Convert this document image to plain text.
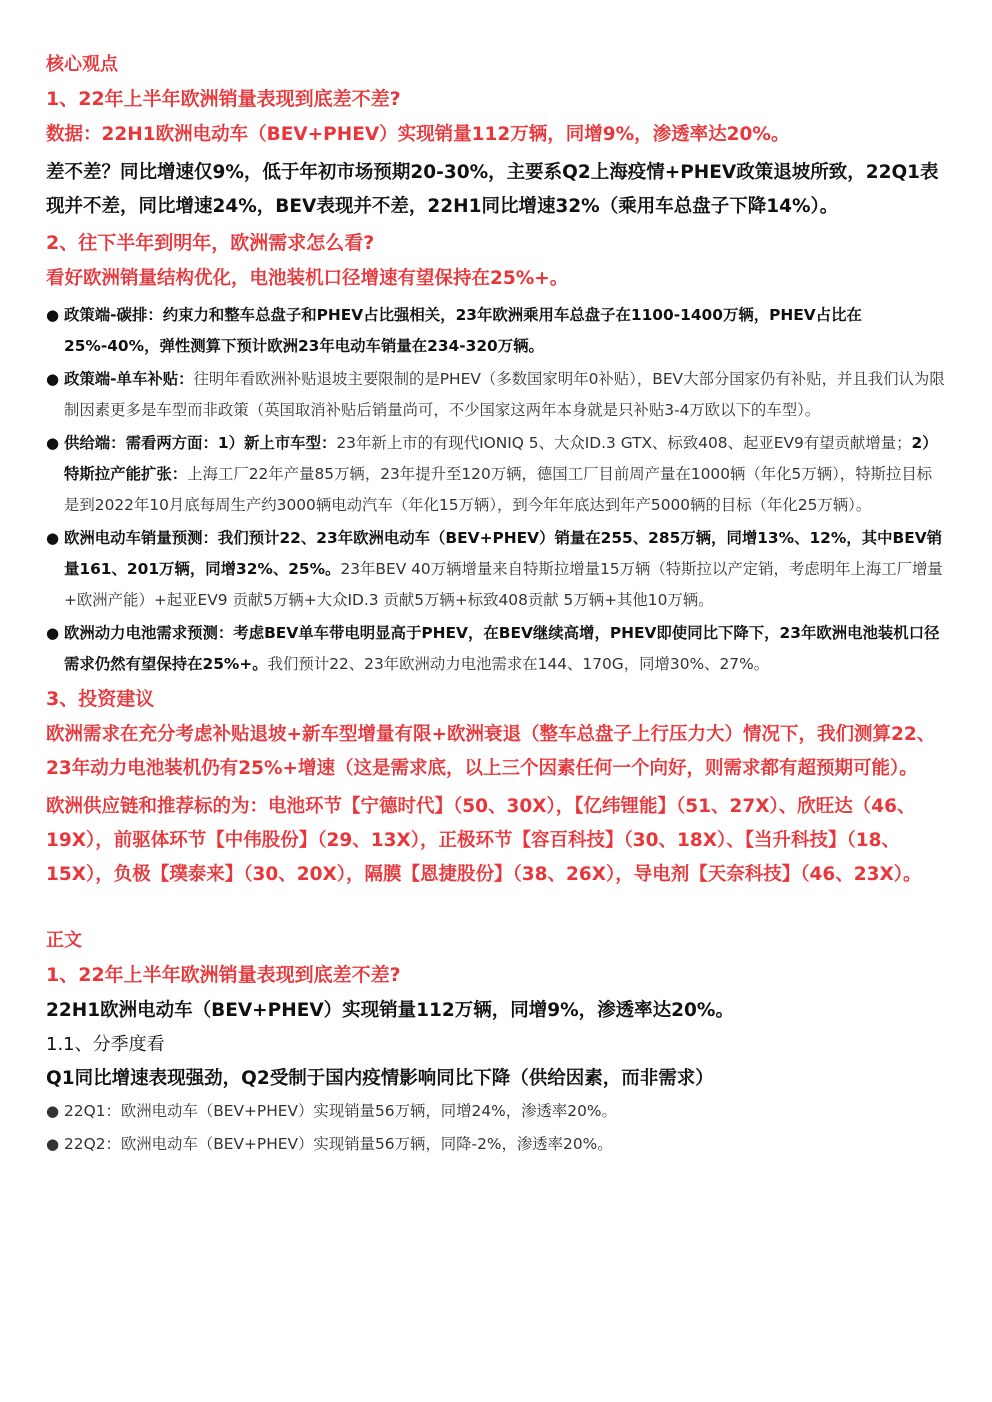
核心观点
1、22年上半年欧洲销量表现到底差不差?
数据：22H1欧洲电动车（BEV+PHEV）实现销量112万辆，同增9%，渗透率达20%。
差不差？同比增速仅9%，低于年初市场预期20-30%，主要系Q2上海疫情+PHEV政策退坡所致，22Q1表现并不差，同比增速24%，BEV表现并不差，22H1同比增速32%（乘用车总盘子下降14%）。
2、往下半年到明年，欧洲需求怎么看?
看好欧洲销量结构优化，电池装机口径增速有望保持在25%+。
● 政策端-碳排：约束力和整车总盘子和PHEV占比强相关，23年欧洲乘用车总盘子在1100-1400万辆，PHEV占比在25%-40%，弹性测算下预计欧洲23年电动车销量在234-320万辆。
● 政策端-单车补贴：往明年看欧洲补贴退坡主要限制的是PHEV（多数国家明年0补贴），BEV大部分国家仍有补贴，并且我们认为限制因素更多是车型而非政策（英国取消补贴后销量尚可，不少国家这两年本身就是只补贴3-4万欧以下的车型）。
● 供给端：需看两方面：1）新上市车型：23年新上市的有现代IONIQ 5、大众ID.3 GTX、标致408、起亚EV9有望贡献增量；2）特斯拉产能扩张：上海工厂22年产量85万辆，23年提升至120万辆，德国工厂目前周产量在1000辆（年化5万辆），特斯拉目标是到2022年10月底每周生产约3000辆电动汽车（年化15万辆），到今年年底达到年产5000辆的目标（年化25万辆）。
● 欧洲电动车销量预测：我们预计22、23年欧洲电动车（BEV+PHEV）销量在255、285万辆，同增13%、12%，其中BEV销量161、201万辆，同增32%、25%。23年BEV 40万辆增量来自特斯拉增量15万辆（特斯拉以产定销，考虑明年上海工厂增量+欧洲产能）+起亚EV9 贡献5万辆+大众ID.3 贡献5万辆+标致408贡献 5万辆+其他10万辆。
● 欧洲动力电池需求预测：考虑BEV单车带电明显高于PHEV，在BEV继续高增，PHEV即使同比下降下，23年欧洲电池装机口径需求仍然有望保持在25%+。我们预计22、23年欧洲动力电池需求在144、170G，同增30%、27%。
3、投资建议
欧洲需求在充分考虑补贴退坡+新车型增量有限+欧洲衰退（整车总盘子上行压力大）情况下，我们测算22、23年动力电池装机仍有25%+增速（这是需求底，以上三个因素任何一个向好，则需求都有超预期可能）。
欧洲供应链和推荐标的为：电池环节【宁德时代】（50、30X），【亿纬锂能】（51、27X）、欣旺达（46、19X），前驱体环节【中伟股份】（29、13X），正极环节【容百科技】（30、18X）、【当升科技】（18、15X），负极【璞泰来】（30、20X），隔膜【恩捷股份】（38、26X），导电剂【天奈科技】（46、23X）。
正文
1、22年上半年欧洲销量表现到底差不差?
22H1欧洲电动车（BEV+PHEV）实现销量112万辆，同增9%，渗透率达20%。
1.1、分季度看
Q1同比增速表现强劲，Q2受制于国内疫情影响同比下降（供给因素，而非需求）
● 22Q1：欧洲电动车（BEV+PHEV）实现销量56万辆，同增24%，渗透率20%。
● 22Q2：欧洲电动车（BEV+PHEV）实现销量56万辆，同降-2%，渗透率20%。
